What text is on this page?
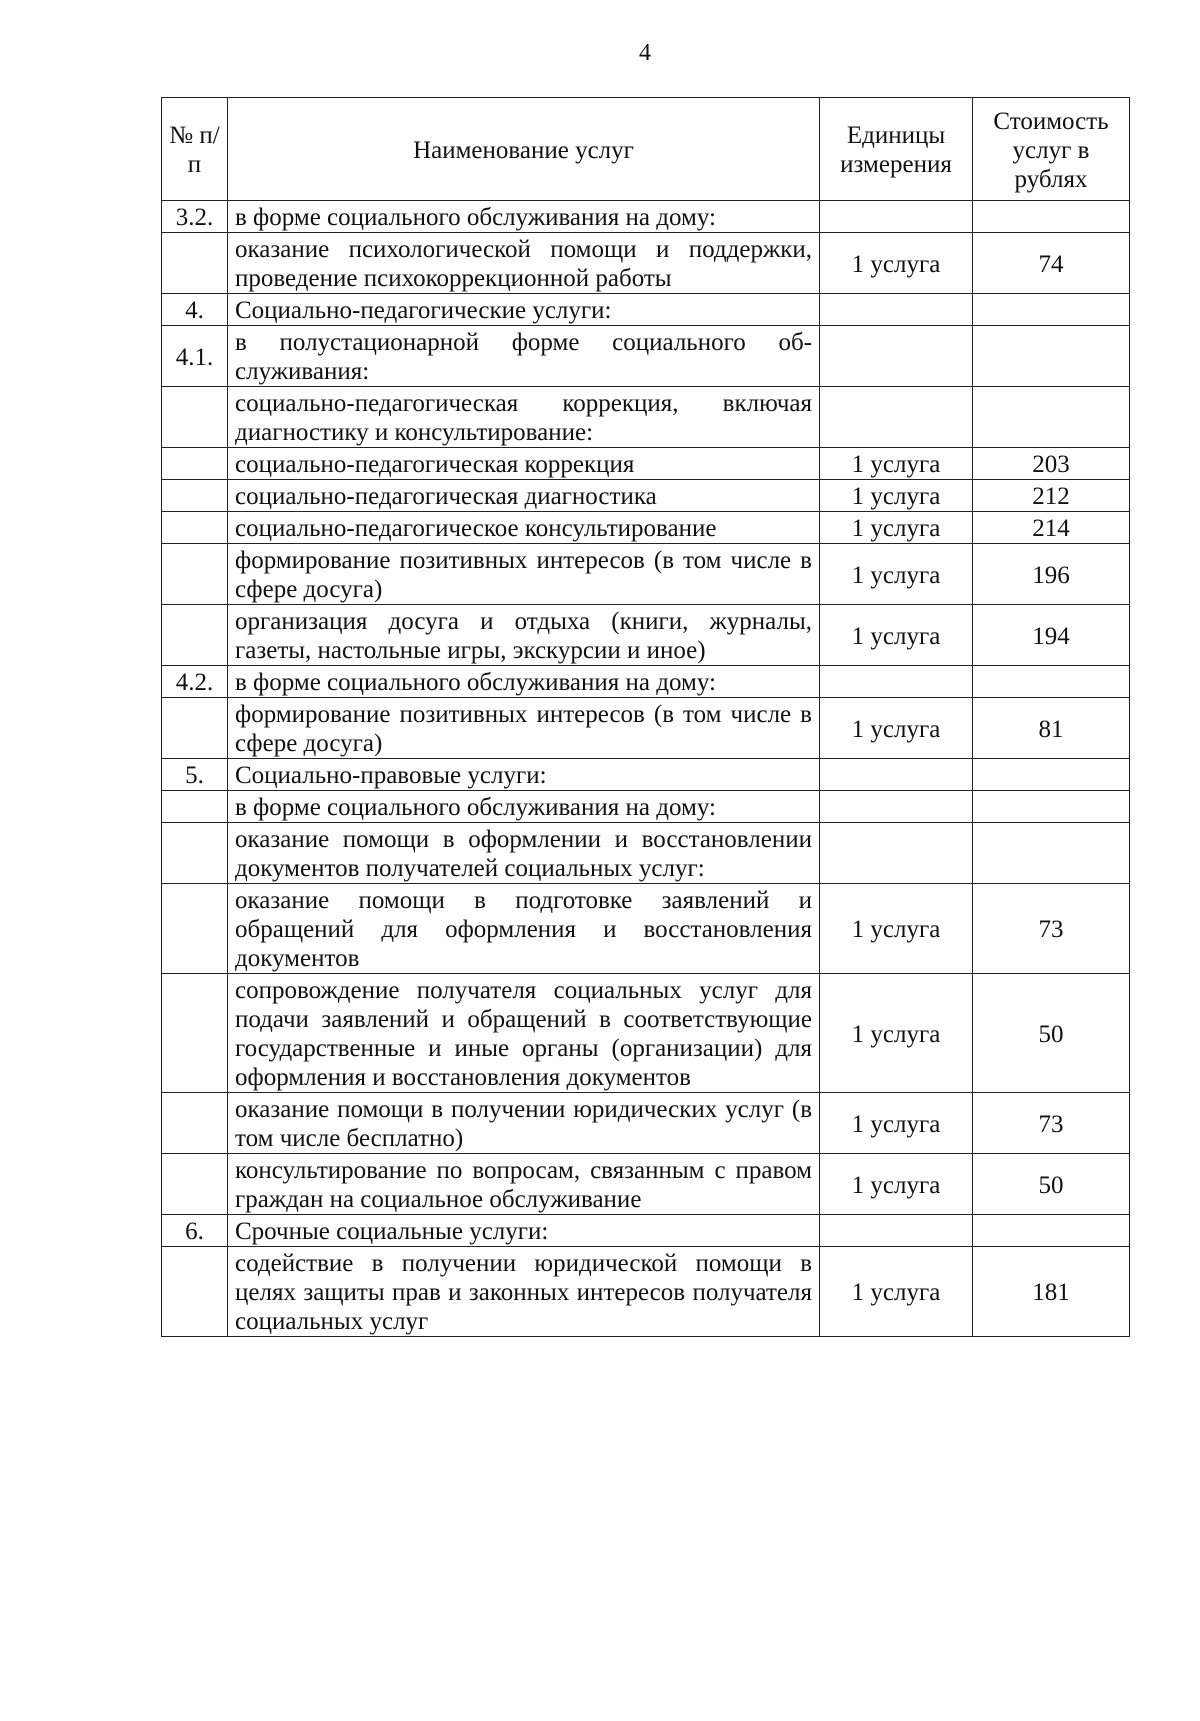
4
№ п/п	Наименование услуг	Единицы измерения	Стоимость услуг в рублях
3.2.	в форме социального обслуживания на дому:		
	оказание психологической помощи и поддержки, проведение психокоррекционной работы	1 услуга	74
4.	Социально-педагогические услуги:		
4.1.	в полустационарной форме социального обслуживания:		
	социально-педагогическая коррекция, включая диагностику и консультирование:		
	социально-педагогическая коррекция	1 услуга	203
	социально-педагогическая диагностика	1 услуга	212
	социально-педагогическое консультирование	1 услуга	214
	формирование позитивных интересов (в том числе в сфере досуга)	1 услуга	196
	организация досуга и отдыха (книги, журналы, газеты, настольные игры, экскурсии и иное)	1 услуга	194
4.2.	в форме социального обслуживания на дому:		
	формирование позитивных интересов (в том числе в сфере досуга)	1 услуга	81
5.	Социально-правовые услуги:		
	в форме социального обслуживания на дому:		
	оказание помощи в оформлении и восстановлении документов получателей социальных услуг:		
	оказание помощи в подготовке заявлений и обращений для оформления и восстановления документов	1 услуга	73
	сопровождение получателя социальных услуг для подачи заявлений и обращений в соответствующие государственные и иные органы (организации) для оформления и восстановления документов	1 услуга	50
	оказание помощи в получении юридических услуг (в том числе бесплатно)	1 услуга	73
	консультирование по вопросам, связанным с правом граждан на социальное обслуживание	1 услуга	50
6.	Срочные социальные услуги:		
	содействие в получении юридической помощи в целях защиты прав и законных интересов получателя социальных услуг	1 услуга	181
